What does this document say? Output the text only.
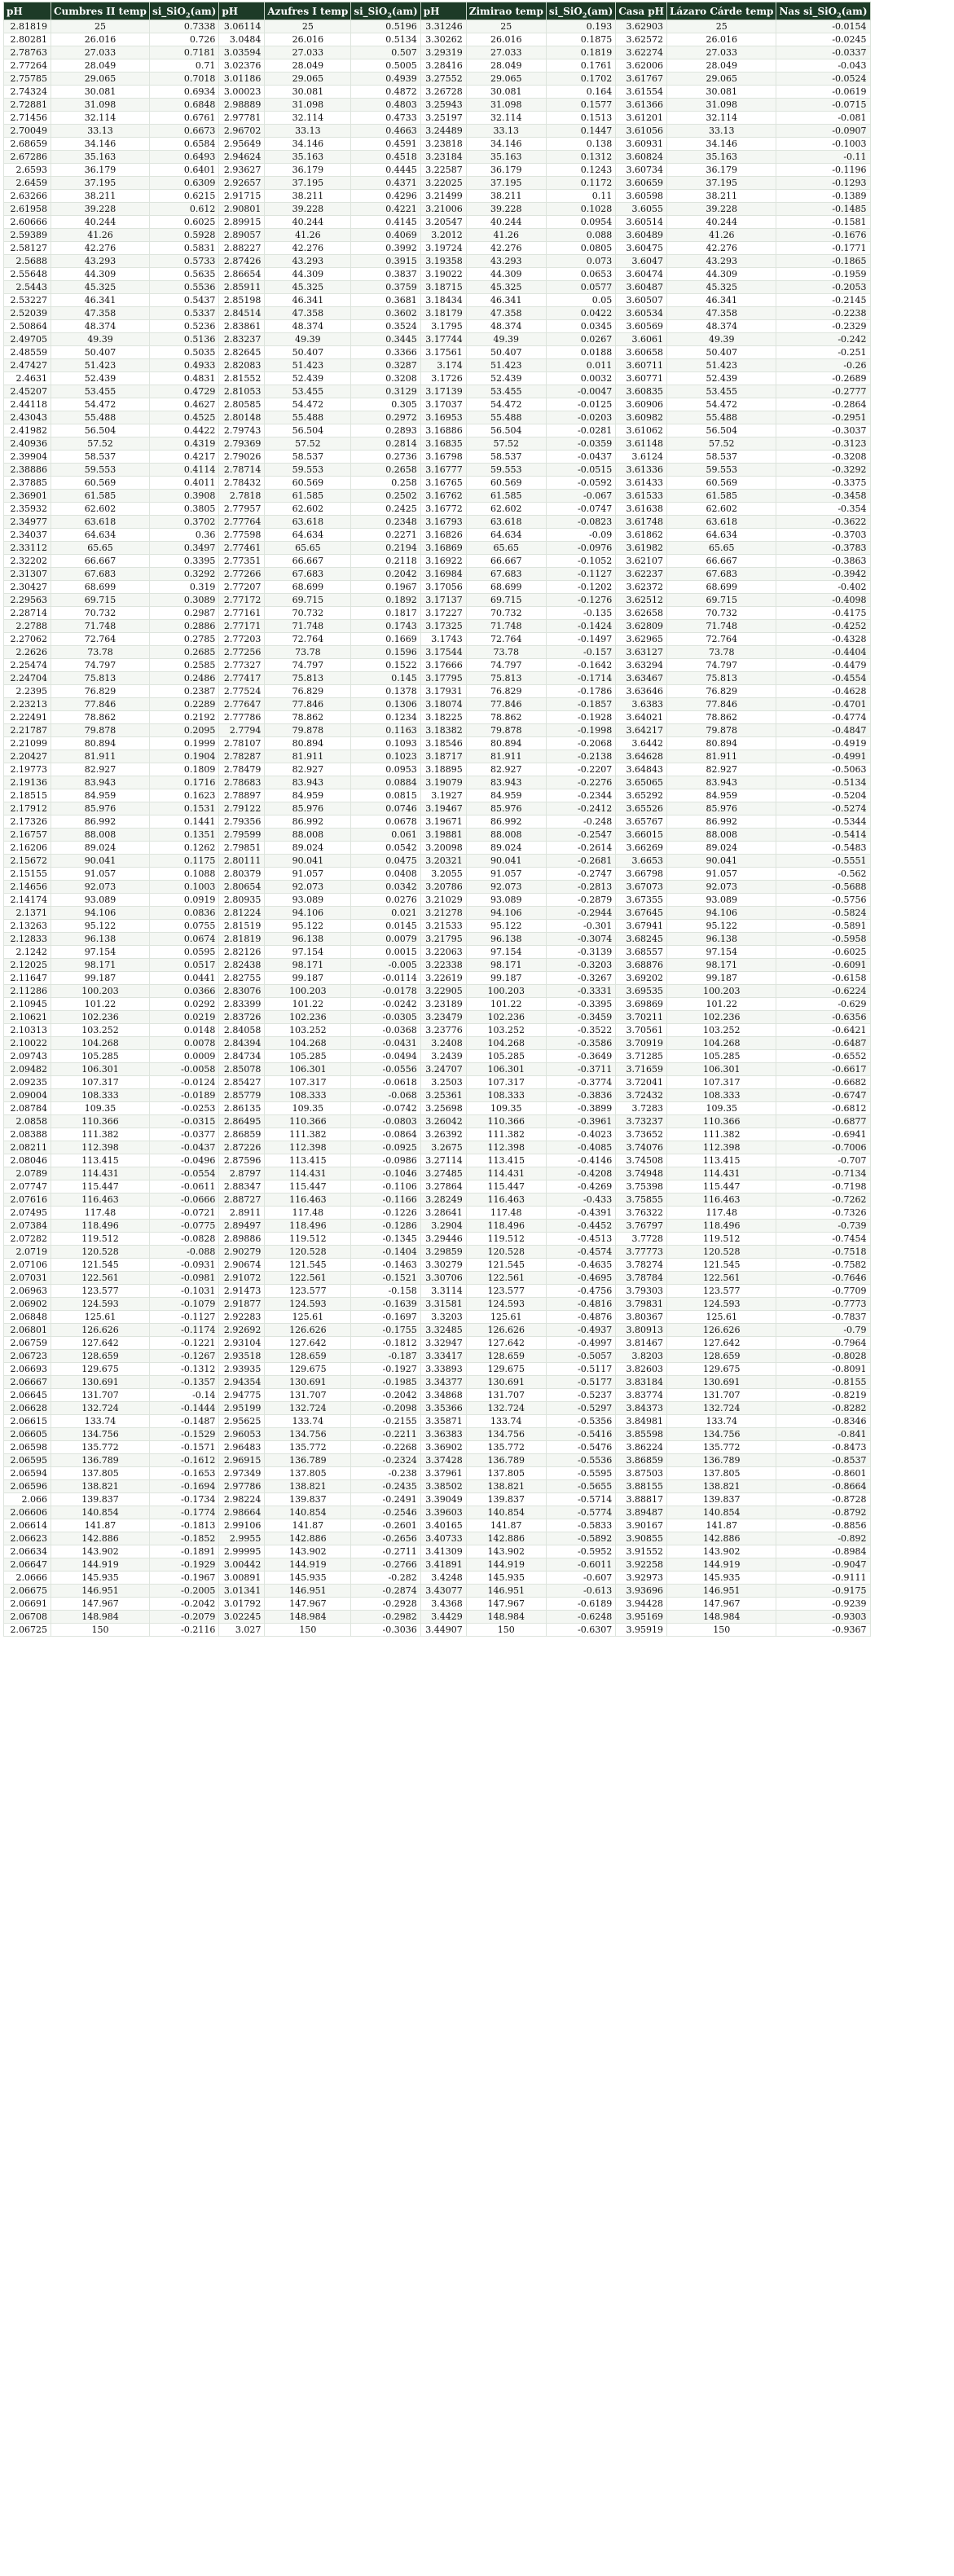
pH	Cumbres II temp	si_SiO$_2$(am)	pH	Azufres I temp	si_SiO$_2$(am)	pH	Zimirao temp	si_SiO$_2$(am)	Casa pH	Lázaro Cárde temp	Nas si_SiO$_2$(am)
2.81819	25	0.7338	3.06114	25	0.5196	3.31246	25	0.193	3.62903	25	-0.0154
2.80281	26.016	0.726	3.0484	26.016	0.5134	3.30262	26.016	0.1875	3.62572	26.016	-0.0245
2.78763	27.033	0.7181	3.03594	27.033	0.507	3.29319	27.033	0.1819	3.62274	27.033	-0.0337
2.77264	28.049	0.71	3.02376	28.049	0.5005	3.28416	28.049	0.1761	3.62006	28.049	-0.043
2.75785	29.065	0.7018	3.01186	29.065	0.4939	3.27552	29.065	0.1702	3.61767	29.065	-0.0524
2.74324	30.081	0.6934	3.00023	30.081	0.4872	3.26728	30.081	0.164	3.61554	30.081	-0.0619
2.72881	31.098	0.6848	2.98889	31.098	0.4803	3.25943	31.098	0.1577	3.61366	31.098	-0.0715
2.71456	32.114	0.6761	2.97781	32.114	0.4733	3.25197	32.114	0.1513	3.61201	32.114	-0.081
2.70049	33.13	0.6673	2.96702	33.13	0.4663	3.24489	33.13	0.1447	3.61056	33.13	-0.0907
2.68659	34.146	0.6584	2.95649	34.146	0.4591	3.23818	34.146	0.138	3.60931	34.146	-0.1003
2.67286	35.163	0.6493	2.94624	35.163	0.4518	3.23184	35.163	0.1312	3.60824	35.163	-0.11
2.6593	36.179	0.6401	2.93627	36.179	0.4445	3.22587	36.179	0.1243	3.60734	36.179	-0.1196
2.6459	37.195	0.6309	2.92657	37.195	0.4371	3.22025	37.195	0.1172	3.60659	37.195	-0.1293
2.63266	38.211	0.6215	2.91715	38.211	0.4296	3.21499	38.211	0.11	3.60598	38.211	-0.1389
2.61958	39.228	0.612	2.90801	39.228	0.4221	3.21006	39.228	0.1028	3.6055	39.228	-0.1485
2.60666	40.244	0.6025	2.89915	40.244	0.4145	3.20547	40.244	0.0954	3.60514	40.244	-0.1581
2.59389	41.26	0.5928	2.89057	41.26	0.4069	3.2012	41.26	0.088	3.60489	41.26	-0.1676
2.58127	42.276	0.5831	2.88227	42.276	0.3992	3.19724	42.276	0.0805	3.60475	42.276	-0.1771
2.5688	43.293	0.5733	2.87426	43.293	0.3915	3.19358	43.293	0.073	3.6047	43.293	-0.1865
2.55648	44.309	0.5635	2.86654	44.309	0.3837	3.19022	44.309	0.0653	3.60474	44.309	-0.1959
2.5443	45.325	0.5536	2.85911	45.325	0.3759	3.18715	45.325	0.0577	3.60487	45.325	-0.2053
2.53227	46.341	0.5437	2.85198	46.341	0.3681	3.18434	46.341	0.05	3.60507	46.341	-0.2145
2.52039	47.358	0.5337	2.84514	47.358	0.3602	3.18179	47.358	0.0422	3.60534	47.358	-0.2238
2.50864	48.374	0.5236	2.83861	48.374	0.3524	3.1795	48.374	0.0345	3.60569	48.374	-0.2329
2.49705	49.39	0.5136	2.83237	49.39	0.3445	3.17744	49.39	0.0267	3.6061	49.39	-0.242
2.48559	50.407	0.5035	2.82645	50.407	0.3366	3.17561	50.407	0.0188	3.60658	50.407	-0.251
2.47427	51.423	0.4933	2.82083	51.423	0.3287	3.174	51.423	0.011	3.60711	51.423	-0.26
2.4631	52.439	0.4831	2.81552	52.439	0.3208	3.1726	52.439	0.0032	3.60771	52.439	-0.2689
2.45207	53.455	0.4729	2.81053	53.455	0.3129	3.17139	53.455	-0.0047	3.60835	53.455	-0.2777
2.44118	54.472	0.4627	2.80585	54.472	0.305	3.17037	54.472	-0.0125	3.60906	54.472	-0.2864
2.43043	55.488	0.4525	2.80148	55.488	0.2972	3.16953	55.488	-0.0203	3.60982	55.488	-0.2951
2.41982	56.504	0.4422	2.79743	56.504	0.2893	3.16886	56.504	-0.0281	3.61062	56.504	-0.3037
2.40936	57.52	0.4319	2.79369	57.52	0.2814	3.16835	57.52	-0.0359	3.61148	57.52	-0.3123
2.39904	58.537	0.4217	2.79026	58.537	0.2736	3.16798	58.537	-0.0437	3.6124	58.537	-0.3208
2.38886	59.553	0.4114	2.78714	59.553	0.2658	3.16777	59.553	-0.0515	3.61336	59.553	-0.3292
2.37885	60.569	0.4011	2.78432	60.569	0.258	3.16765	60.569	-0.0592	3.61433	60.569	-0.3375
2.36901	61.585	0.3908	2.7818	61.585	0.2502	3.16762	61.585	-0.067	3.61533	61.585	-0.3458
2.35932	62.602	0.3805	2.77957	62.602	0.2425	3.16772	62.602	-0.0747	3.61638	62.602	-0.354
2.34977	63.618	0.3702	2.77764	63.618	0.2348	3.16793	63.618	-0.0823	3.61748	63.618	-0.3622
2.34037	64.634	0.36	2.77598	64.634	0.2271	3.16826	64.634	-0.09	3.61862	64.634	-0.3703
2.33112	65.65	0.3497	2.77461	65.65	0.2194	3.16869	65.65	-0.0976	3.61982	65.65	-0.3783
2.32202	66.667	0.3395	2.77351	66.667	0.2118	3.16922	66.667	-0.1052	3.62107	66.667	-0.3863
2.31307	67.683	0.3292	2.77266	67.683	0.2042	3.16984	67.683	-0.1127	3.62237	67.683	-0.3942
2.30427	68.699	0.319	2.77207	68.699	0.1967	3.17056	68.699	-0.1202	3.62372	68.699	-0.402
2.29563	69.715	0.3089	2.77172	69.715	0.1892	3.17137	69.715	-0.1276	3.62512	69.715	-0.4098
2.28714	70.732	0.2987	2.77161	70.732	0.1817	3.17227	70.732	-0.135	3.62658	70.732	-0.4175
2.2788	71.748	0.2886	2.77171	71.748	0.1743	3.17325	71.748	-0.1424	3.62809	71.748	-0.4252
2.27062	72.764	0.2785	2.77203	72.764	0.1669	3.1743	72.764	-0.1497	3.62965	72.764	-0.4328
2.2626	73.78	0.2685	2.77256	73.78	0.1596	3.17544	73.78	-0.157	3.63127	73.78	-0.4404
2.25474	74.797	0.2585	2.77327	74.797	0.1522	3.17666	74.797	-0.1642	3.63294	74.797	-0.4479
2.24704	75.813	0.2486	2.77417	75.813	0.145	3.17795	75.813	-0.1714	3.63467	75.813	-0.4554
2.2395	76.829	0.2387	2.77524	76.829	0.1378	3.17931	76.829	-0.1786	3.63646	76.829	-0.4628
2.23213	77.846	0.2289	2.77647	77.846	0.1306	3.18074	77.846	-0.1857	3.6383	77.846	-0.4701
2.22491	78.862	0.2192	2.77786	78.862	0.1234	3.18225	78.862	-0.1928	3.64021	78.862	-0.4774
2.21787	79.878	0.2095	2.7794	79.878	0.1163	3.18382	79.878	-0.1998	3.64217	79.878	-0.4847
2.21099	80.894	0.1999	2.78107	80.894	0.1093	3.18546	80.894	-0.2068	3.6442	80.894	-0.4919
2.20427	81.911	0.1904	2.78287	81.911	0.1023	3.18717	81.911	-0.2138	3.64628	81.911	-0.4991
2.19773	82.927	0.1809	2.78479	82.927	0.0953	3.18895	82.927	-0.2207	3.64843	82.927	-0.5063
2.19136	83.943	0.1716	2.78683	83.943	0.0884	3.19079	83.943	-0.2276	3.65065	83.943	-0.5134
2.18515	84.959	0.1623	2.78897	84.959	0.0815	3.1927	84.959	-0.2344	3.65292	84.959	-0.5204
2.17912	85.976	0.1531	2.79122	85.976	0.0746	3.19467	85.976	-0.2412	3.65526	85.976	-0.5274
2.17326	86.992	0.1441	2.79356	86.992	0.0678	3.19671	86.992	-0.248	3.65767	86.992	-0.5344
2.16757	88.008	0.1351	2.79599	88.008	0.061	3.19881	88.008	-0.2547	3.66015	88.008	-0.5414
2.16206	89.024	0.1262	2.79851	89.024	0.0542	3.20098	89.024	-0.2614	3.66269	89.024	-0.5483
2.15672	90.041	0.1175	2.80111	90.041	0.0475	3.20321	90.041	-0.2681	3.6653	90.041	-0.5551
2.15155	91.057	0.1088	2.80379	91.057	0.0408	3.2055	91.057	-0.2747	3.66798	91.057	-0.562
2.14656	92.073	0.1003	2.80654	92.073	0.0342	3.20786	92.073	-0.2813	3.67073	92.073	-0.5688
2.14174	93.089	0.0919	2.80935	93.089	0.0276	3.21029	93.089	-0.2879	3.67355	93.089	-0.5756
2.1371	94.106	0.0836	2.81224	94.106	0.021	3.21278	94.106	-0.2944	3.67645	94.106	-0.5824
2.13263	95.122	0.0755	2.81519	95.122	0.0145	3.21533	95.122	-0.301	3.67941	95.122	-0.5891
2.12833	96.138	0.0674	2.81819	96.138	0.0079	3.21795	96.138	-0.3074	3.68245	96.138	-0.5958
2.1242	97.154	0.0595	2.82126	97.154	0.0015	3.22063	97.154	-0.3139	3.68557	97.154	-0.6025
2.12025	98.171	0.0517	2.82438	98.171	-0.005	3.22338	98.171	-0.3203	3.68876	98.171	-0.6091
2.11647	99.187	0.0441	2.82755	99.187	-0.0114	3.22619	99.187	-0.3267	3.69202	99.187	-0.6158
2.11286	100.203	0.0366	2.83076	100.203	-0.0178	3.22905	100.203	-0.3331	3.69535	100.203	-0.6224
2.10945	101.22	0.0292	2.83399	101.22	-0.0242	3.23189	101.22	-0.3395	3.69869	101.22	-0.629
2.10621	102.236	0.0219	2.83726	102.236	-0.0305	3.23479	102.236	-0.3459	3.70211	102.236	-0.6356
2.10313	103.252	0.0148	2.84058	103.252	-0.0368	3.23776	103.252	-0.3522	3.70561	103.252	-0.6421
2.10022	104.268	0.0078	2.84394	104.268	-0.0431	3.2408	104.268	-0.3586	3.70919	104.268	-0.6487
2.09743	105.285	0.0009	2.84734	105.285	-0.0494	3.2439	105.285	-0.3649	3.71285	105.285	-0.6552
2.09482	106.301	-0.0058	2.85078	106.301	-0.0556	3.24707	106.301	-0.3711	3.71659	106.301	-0.6617
2.09235	107.317	-0.0124	2.85427	107.317	-0.0618	3.2503	107.317	-0.3774	3.72041	107.317	-0.6682
2.09004	108.333	-0.0189	2.85779	108.333	-0.068	3.25361	108.333	-0.3836	3.72432	108.333	-0.6747
2.08784	109.35	-0.0253	2.86135	109.35	-0.0742	3.25698	109.35	-0.3899	3.7283	109.35	-0.6812
2.0858	110.366	-0.0315	2.86495	110.366	-0.0803	3.26042	110.366	-0.3961	3.73237	110.366	-0.6877
2.08388	111.382	-0.0377	2.86859	111.382	-0.0864	3.26392	111.382	-0.4023	3.73652	111.382	-0.6941
2.08211	112.398	-0.0437	2.87226	112.398	-0.0925	3.2675	112.398	-0.4085	3.74076	112.398	-0.7006
2.08046	113.415	-0.0496	2.87596	113.415	-0.0986	3.27114	113.415	-0.4146	3.74508	113.415	-0.707
2.0789	114.431	-0.0554	2.8797	114.431	-0.1046	3.27485	114.431	-0.4208	3.74948	114.431	-0.7134
2.07747	115.447	-0.0611	2.88347	115.447	-0.1106	3.27864	115.447	-0.4269	3.75398	115.447	-0.7198
2.07616	116.463	-0.0666	2.88727	116.463	-0.1166	3.28249	116.463	-0.433	3.75855	116.463	-0.7262
2.07495	117.48	-0.0721	2.8911	117.48	-0.1226	3.28641	117.48	-0.4391	3.76322	117.48	-0.7326
2.07384	118.496	-0.0775	2.89497	118.496	-0.1286	3.2904	118.496	-0.4452	3.76797	118.496	-0.739
2.07282	119.512	-0.0828	2.89886	119.512	-0.1345	3.29446	119.512	-0.4513	3.7728	119.512	-0.7454
2.0719	120.528	-0.088	2.90279	120.528	-0.1404	3.29859	120.528	-0.4574	3.77773	120.528	-0.7518
2.07106	121.545	-0.0931	2.90674	121.545	-0.1463	3.30279	121.545	-0.4635	3.78274	121.545	-0.7582
2.07031	122.561	-0.0981	2.91072	122.561	-0.1521	3.30706	122.561	-0.4695	3.78784	122.561	-0.7646
2.06963	123.577	-0.1031	2.91473	123.577	-0.158	3.3114	123.577	-0.4756	3.79303	123.577	-0.7709
2.06902	124.593	-0.1079	2.91877	124.593	-0.1639	3.31581	124.593	-0.4816	3.79831	124.593	-0.7773
2.06848	125.61	-0.1127	2.92283	125.61	-0.1697	3.3203	125.61	-0.4876	3.80367	125.61	-0.7837
2.06801	126.626	-0.1174	2.92692	126.626	-0.1755	3.32485	126.626	-0.4937	3.80913	126.626	-0.79
2.06759	127.642	-0.1221	2.93104	127.642	-0.1812	3.32947	127.642	-0.4997	3.81467	127.642	-0.7964
2.06723	128.659	-0.1267	2.93518	128.659	-0.187	3.33417	128.659	-0.5057	3.8203	128.659	-0.8028
2.06693	129.675	-0.1312	2.93935	129.675	-0.1927	3.33893	129.675	-0.5117	3.82603	129.675	-0.8091
2.06667	130.691	-0.1357	2.94354	130.691	-0.1985	3.34377	130.691	-0.5177	3.83184	130.691	-0.8155
2.06645	131.707	-0.14	2.94775	131.707	-0.2042	3.34868	131.707	-0.5237	3.83774	131.707	-0.8219
2.06628	132.724	-0.1444	2.95199	132.724	-0.2098	3.35366	132.724	-0.5297	3.84373	132.724	-0.8282
2.06615	133.74	-0.1487	2.95625	133.74	-0.2155	3.35871	133.74	-0.5356	3.84981	133.74	-0.8346
2.06605	134.756	-0.1529	2.96053	134.756	-0.2211	3.36383	134.756	-0.5416	3.85598	134.756	-0.841
2.06598	135.772	-0.1571	2.96483	135.772	-0.2268	3.36902	135.772	-0.5476	3.86224	135.772	-0.8473
2.06595	136.789	-0.1612	2.96915	136.789	-0.2324	3.37428	136.789	-0.5536	3.86859	136.789	-0.8537
2.06594	137.805	-0.1653	2.97349	137.805	-0.238	3.37961	137.805	-0.5595	3.87503	137.805	-0.8601
2.06596	138.821	-0.1694	2.97786	138.821	-0.2435	3.38502	138.821	-0.5655	3.88155	138.821	-0.8664
2.066	139.837	-0.1734	2.98224	139.837	-0.2491	3.39049	139.837	-0.5714	3.88817	139.837	-0.8728
2.06606	140.854	-0.1774	2.98664	140.854	-0.2546	3.39603	140.854	-0.5774	3.89487	140.854	-0.8792
2.06614	141.87	-0.1813	2.99106	141.87	-0.2601	3.40165	141.87	-0.5833	3.90167	141.87	-0.8856
2.06623	142.886	-0.1852	2.9955	142.886	-0.2656	3.40733	142.886	-0.5892	3.90855	142.886	-0.892
2.06634	143.902	-0.1891	2.99995	143.902	-0.2711	3.41309	143.902	-0.5952	3.91552	143.902	-0.8984
2.06647	144.919	-0.1929	3.00442	144.919	-0.2766	3.41891	144.919	-0.6011	3.92258	144.919	-0.9047
2.0666	145.935	-0.1967	3.00891	145.935	-0.282	3.4248	145.935	-0.607	3.92973	145.935	-0.9111
2.06675	146.951	-0.2005	3.01341	146.951	-0.2874	3.43077	146.951	-0.613	3.93696	146.951	-0.9175
2.06691	147.967	-0.2042	3.01792	147.967	-0.2928	3.4368	147.967	-0.6189	3.94428	147.967	-0.9239
2.06708	148.984	-0.2079	3.02245	148.984	-0.2982	3.4429	148.984	-0.6248	3.95169	148.984	-0.9303
2.06725	150	-0.2116	3.027	150	-0.3036	3.44907	150	-0.6307	3.95919	150	-0.9367
